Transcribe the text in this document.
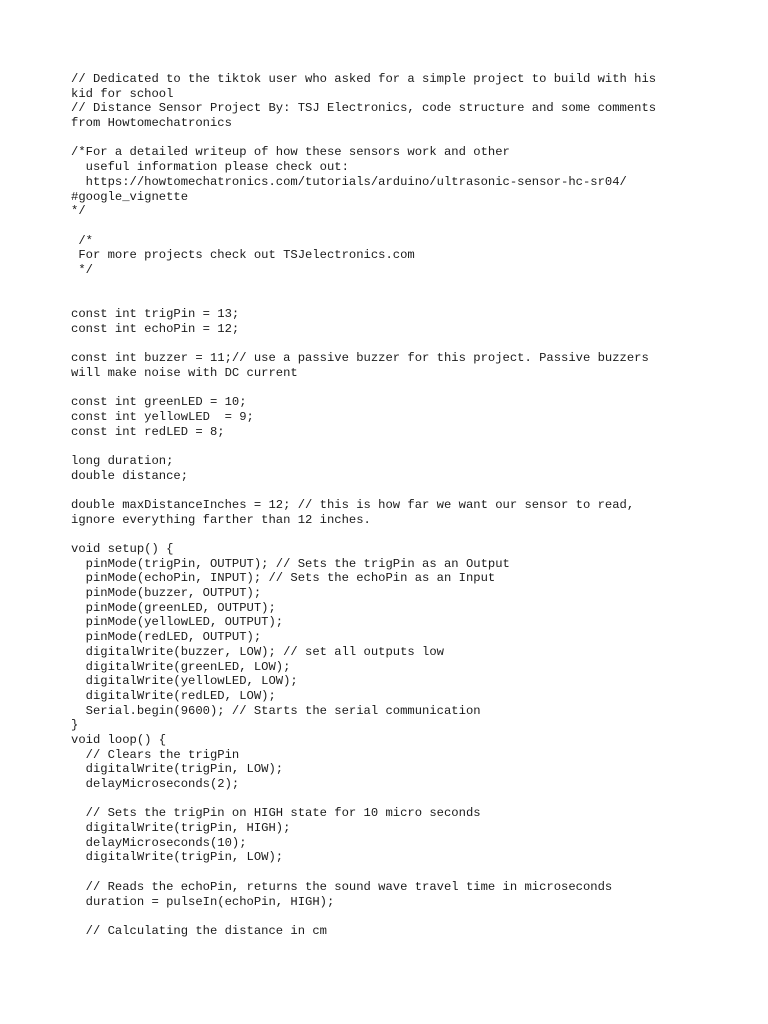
// Dedicated to the tiktok user who asked for a simple project to build with his
kid for school
// Distance Sensor Project By: TSJ Electronics, code structure and some comments
from Howtomechatronics
/*For a detailed writeup of how these sensors work and other
useful information please check out:
https://howtomechatronics.com/tutorials/arduino/ultrasonic-sensor-hc-sr04/
#google_vignette
*/
/*
For more projects check out TSJelectronics.com
*/
const int trigPin = 13;
const int echoPin = 12;
const int buzzer = 11;// use a passive buzzer for this project. Passive buzzers
will make noise with DC current
const int greenLED = 10;
const int yellowLED  = 9;
const int redLED = 8;
long duration;
double distance;
double maxDistanceInches = 12; // this is how far we want our sensor to read,
ignore everything farther than 12 inches.
void setup() {
pinMode(trigPin, OUTPUT); // Sets the trigPin as an Output
pinMode(echoPin, INPUT); // Sets the echoPin as an Input
pinMode(buzzer, OUTPUT);
pinMode(greenLED, OUTPUT);
pinMode(yellowLED, OUTPUT);
pinMode(redLED, OUTPUT);
digitalWrite(buzzer, LOW); // set all outputs low
digitalWrite(greenLED, LOW);
digitalWrite(yellowLED, LOW);
digitalWrite(redLED, LOW);
Serial.begin(9600); // Starts the serial communication
}
void loop() {
// Clears the trigPin
digitalWrite(trigPin, LOW);
delayMicroseconds(2);
// Sets the trigPin on HIGH state for 10 micro seconds
digitalWrite(trigPin, HIGH);
delayMicroseconds(10);
digitalWrite(trigPin, LOW);
// Reads the echoPin, returns the sound wave travel time in microseconds
duration = pulseIn(echoPin, HIGH);
// Calculating the distance in cm
